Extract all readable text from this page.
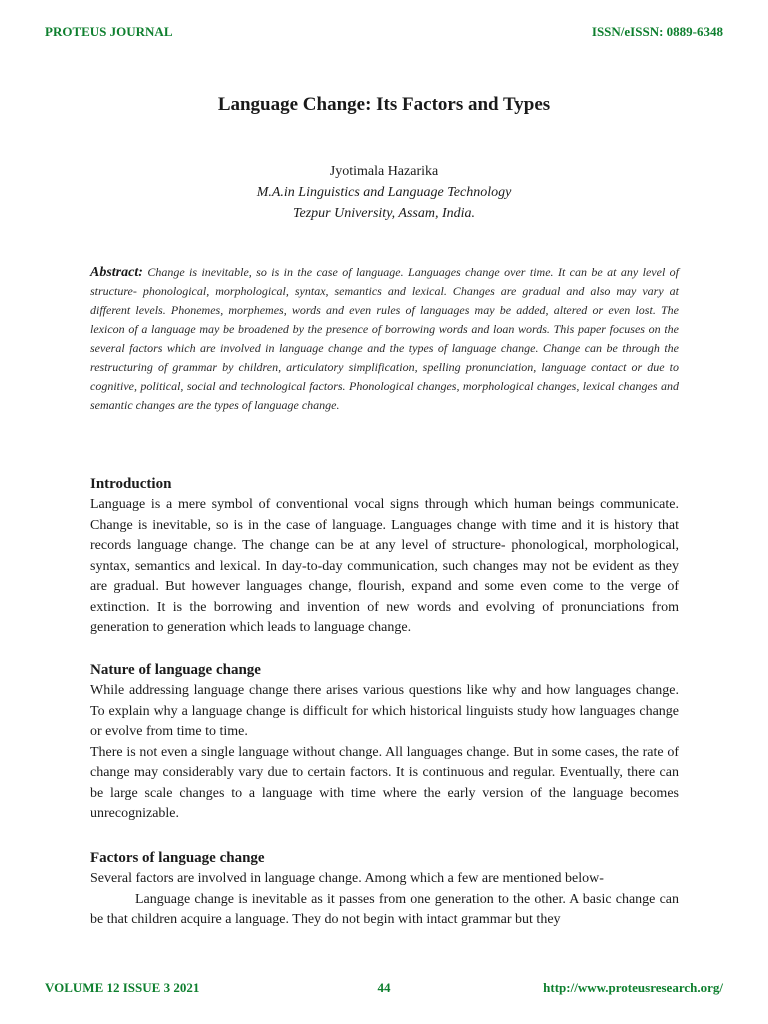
PROTEUS JOURNAL	ISSN/eISSN: 0889-6348
Language Change: Its Factors and Types
Jyotimala Hazarika
M.A.in Linguistics and Language Technology
Tezpur University, Assam, India.
Abstract: Change is inevitable, so is in the case of language. Languages change over time. It can be at any level of structure- phonological, morphological, syntax, semantics and lexical. Changes are gradual and also may vary at different levels. Phonemes, morphemes, words and even rules of languages may be added, altered or even lost. The lexicon of a language may be broadened by the presence of borrowing words and loan words. This paper focuses on the several factors which are involved in language change and the types of language change. Change can be through the restructuring of grammar by children, articulatory simplification, spelling pronunciation, language contact or due to cognitive, political, social and technological factors. Phonological changes, morphological changes, lexical changes and semantic changes are the types of language change.
Introduction

Language is a mere symbol of conventional vocal signs through which human beings communicate. Change is inevitable, so is in the case of language. Languages change with time and it is history that records language change. The change can be at any level of structure- phonological, morphological, syntax, semantics and lexical. In day-to-day communication, such changes may not be evident as they are gradual. But however languages change, flourish, expand and some even come to the verge of extinction. It is the borrowing and invention of new words and evolving of pronunciations from generation to generation which leads to language change.

Nature of language change

While addressing language change there arises various questions like why and how languages change. To explain why a language change is difficult for which historical linguists study how languages change or evolve from time to time.

There is not even a single language without change. All languages change. But in some cases, the rate of change may considerably vary due to certain factors. It is continuous and regular. Eventually, there can be large scale changes to a language with time where the early version of the language becomes unrecognizable.

Factors of language change

Several factors are involved in language change. Among which a few are mentioned below-

Language change is inevitable as it passes from one generation to the other. A basic change can be that children acquire a language. They do not begin with intact grammar but they

VOLUME 12 ISSUE 3 2021	44	http://www.proteusresearch.org/
